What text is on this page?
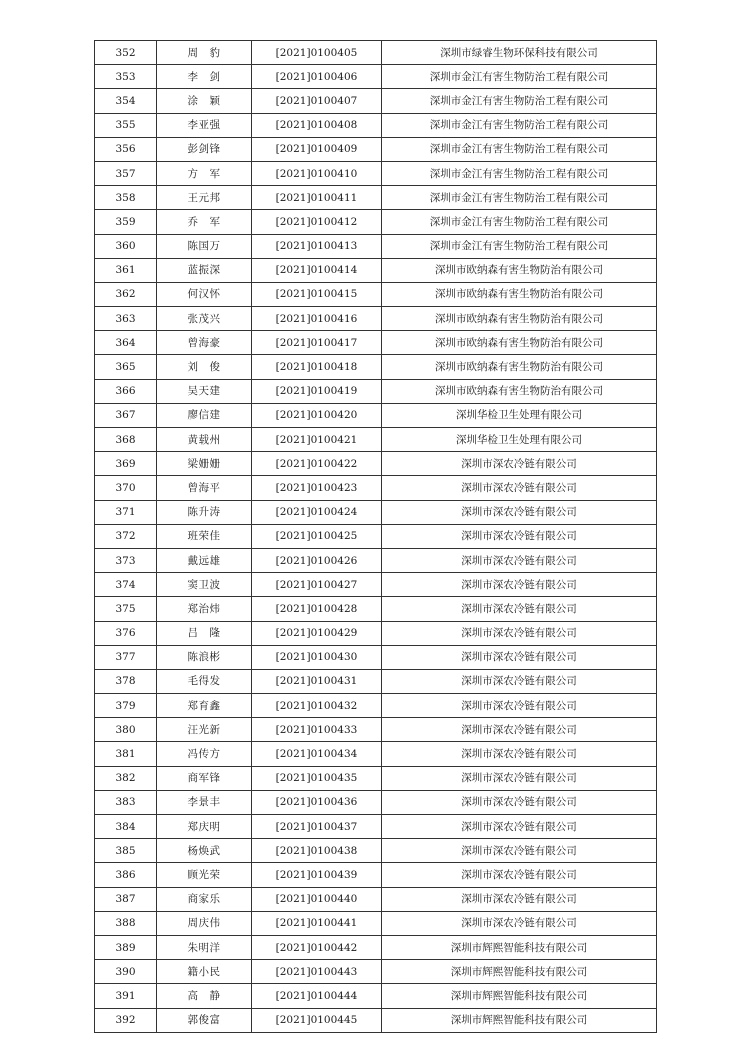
352	周　豹	[2021]0100405	深圳市绿睿生物环保科技有限公司
353	李　剑	[2021]0100406	深圳市金江有害生物防治工程有限公司
354	涂　颖	[2021]0100407	深圳市金江有害生物防治工程有限公司
355	李亚强	[2021]0100408	深圳市金江有害生物防治工程有限公司
356	彭剑锋	[2021]0100409	深圳市金江有害生物防治工程有限公司
357	方　军	[2021]0100410	深圳市金江有害生物防治工程有限公司
358	王元邦	[2021]0100411	深圳市金江有害生物防治工程有限公司
359	乔　军	[2021]0100412	深圳市金江有害生物防治工程有限公司
360	陈国万	[2021]0100413	深圳市金江有害生物防治工程有限公司
361	蓝振深	[2021]0100414	深圳市欧纳森有害生物防治有限公司
362	何汉怀	[2021]0100415	深圳市欧纳森有害生物防治有限公司
363	张茂兴	[2021]0100416	深圳市欧纳森有害生物防治有限公司
364	曾海豪	[2021]0100417	深圳市欧纳森有害生物防治有限公司
365	刘　俊	[2021]0100418	深圳市欧纳森有害生物防治有限公司
366	吴天建	[2021]0100419	深圳市欧纳森有害生物防治有限公司
367	廖信建	[2021]0100420	深圳华检卫生处理有限公司
368	黄载州	[2021]0100421	深圳华检卫生处理有限公司
369	梁姗姗	[2021]0100422	深圳市深农冷链有限公司
370	曾海平	[2021]0100423	深圳市深农冷链有限公司
371	陈升涛	[2021]0100424	深圳市深农冷链有限公司
372	班荣佳	[2021]0100425	深圳市深农冷链有限公司
373	戴远雄	[2021]0100426	深圳市深农冷链有限公司
374	窦卫波	[2021]0100427	深圳市深农冷链有限公司
375	郑治炜	[2021]0100428	深圳市深农冷链有限公司
376	吕　隆	[2021]0100429	深圳市深农冷链有限公司
377	陈浪彬	[2021]0100430	深圳市深农冷链有限公司
378	毛得发	[2021]0100431	深圳市深农冷链有限公司
379	郑育鑫	[2021]0100432	深圳市深农冷链有限公司
380	汪光新	[2021]0100433	深圳市深农冷链有限公司
381	冯传方	[2021]0100434	深圳市深农冷链有限公司
382	商军锋	[2021]0100435	深圳市深农冷链有限公司
383	李景丰	[2021]0100436	深圳市深农冷链有限公司
384	郑庆明	[2021]0100437	深圳市深农冷链有限公司
385	杨焕武	[2021]0100438	深圳市深农冷链有限公司
386	顾光荣	[2021]0100439	深圳市深农冷链有限公司
387	商家乐	[2021]0100440	深圳市深农冷链有限公司
388	周庆伟	[2021]0100441	深圳市深农冷链有限公司
389	朱明洋	[2021]0100442	深圳市辉熙智能科技有限公司
390	籍小民	[2021]0100443	深圳市辉熙智能科技有限公司
391	高　静	[2021]0100444	深圳市辉熙智能科技有限公司
392	郭俊富	[2021]0100445	深圳市辉熙智能科技有限公司
